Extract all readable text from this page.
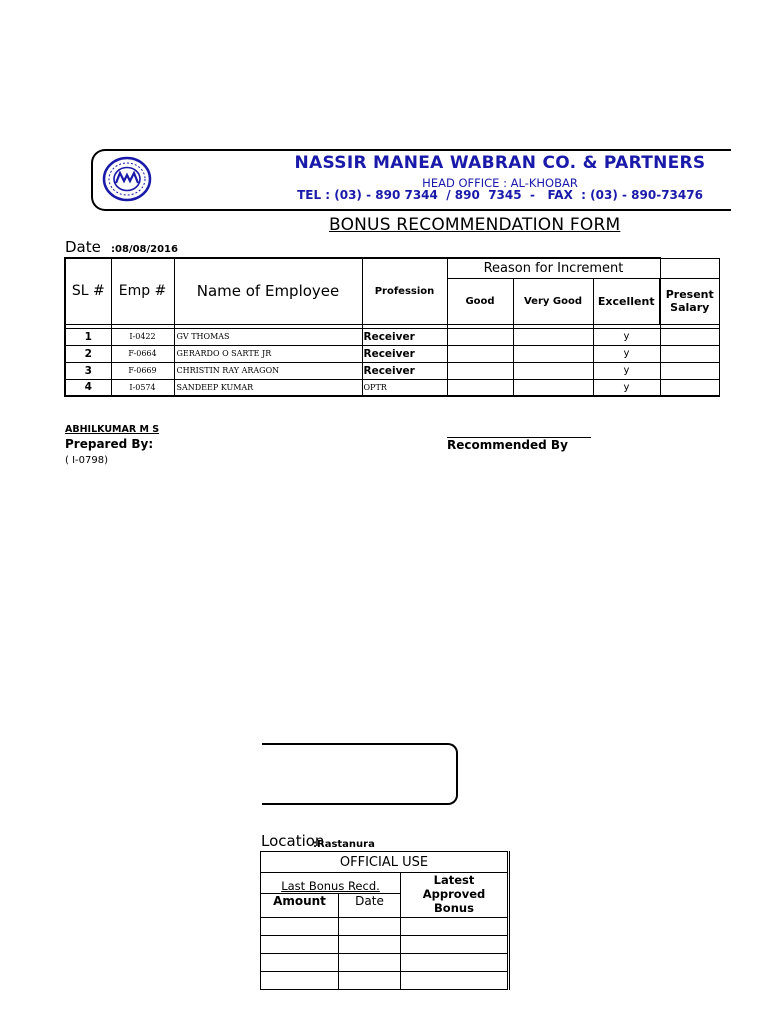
NASSIR MANEA WABRAN CO. & PARTNERS
HEAD OFFICE : AL-KHOBAR
TEL : (03) - 890 7344  / 890  7345  -   FAX  : (03) - 890-73476
BONUS RECOMMENDATION FORM
Date :08/08/2016
SL #	Emp #	Name of Employee	Profession	Reason for Increment			
				Good	Very Good	Excellent	Present
Salary

1	I-0422	GV THOMAS	Receiver			y	
2	F-0664	GERARDO O SARTE JR	Receiver			y	
3	F-0669	CHRISTIN RAY ARAGON	Receiver			y	
4	I-0574	SANDEEP KUMAR	OPTR			y	
ABHILKUMAR M S
Prepared By:
( I-0798)
Recommended By
Location
:Rastanura
OFFICIAL USE		
Last Bonus Recd.		Latest
Approved
Bonus
Amount	Date	
